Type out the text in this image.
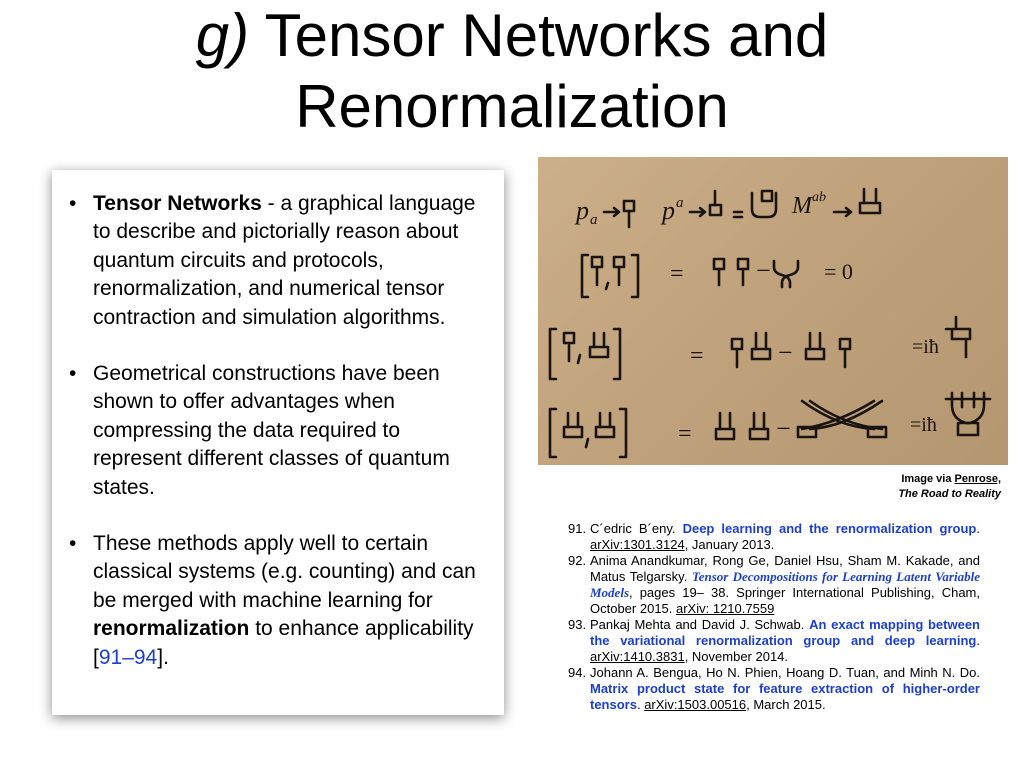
g) Tensor Networks and
Renormalization
• Tensor Networks - a graphical language to describe and pictorially reason about quantum circuits and protocols, renormalization, and numerical tensor contraction and simulation algorithms.
• Geometrical constructions have been shown to offer advantages when compressing the data required to represent different classes of quantum states.
• These methods apply well to certain classical systems (e.g. counting) and can be merged with machine learning for renormalization to enhance applicability [91–94].
p a p a	M ab
=	− = 0
=	−	=iħ
=	−	=iħ
Image via Penrose,
The Road to Reality
91. C´edric B´eny. Deep learning and the renormalization group. arXiv:1301.3124, January 2013.
92. Anima Anandkumar, Rong Ge, Daniel Hsu, Sham M. Kakade, and Matus Telgarsky. Tensor Decompositions for Learning Latent Variable Models, pages 19– 38. Springer International Publishing, Cham, October 2015. arXiv: 1210.7559
93. Pankaj Mehta and David J. Schwab. An exact mapping between the variational renormalization group and deep learning. arXiv:1410.3831, November 2014.
94. Johann A. Bengua, Ho N. Phien, Hoang D. Tuan, and Minh N. Do. Matrix product state for feature extraction of higher-order tensors. arXiv:1503.00516, March 2015.
